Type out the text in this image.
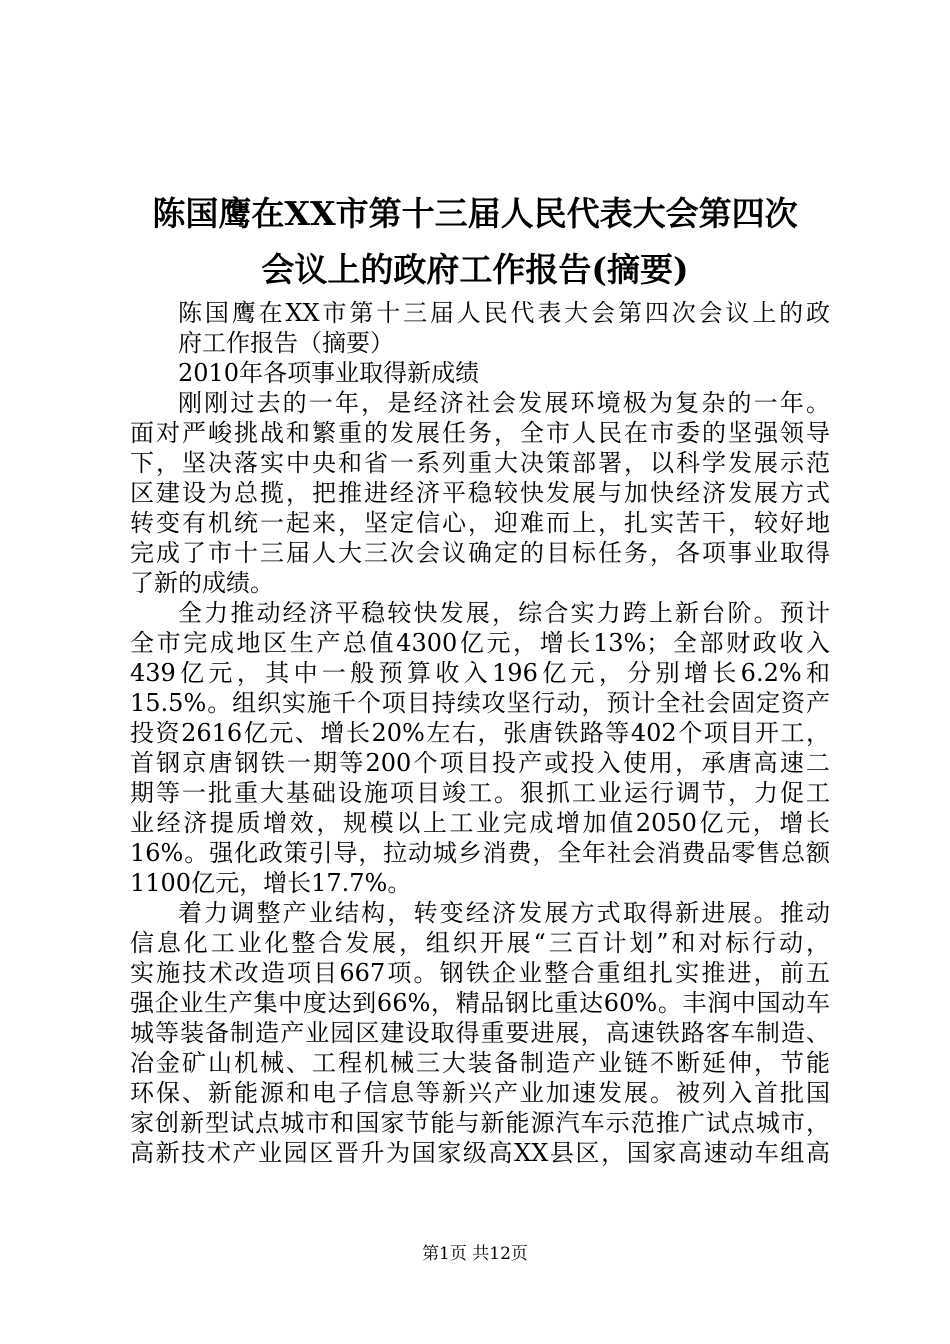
陈国鹰在XX市第十三届人民代表大会第四次
会议上的政府工作报告(摘要)
陈国鹰在XX市第十三届人民代表大会第四次会议上的政
府工作报告（摘要）
2010年各项事业取得新成绩
刚刚过去的一年，是经济社会发展环境极为复杂的一年。
面对严峻挑战和繁重的发展任务，全市人民在市委的坚强领导
下，坚决落实中央和省一系列重大决策部署，以科学发展示范
区建设为总揽，把推进经济平稳较快发展与加快经济发展方式
转变有机统一起来，坚定信心，迎难而上，扎实苦干，较好地
完成了市十三届人大三次会议确定的目标任务，各项事业取得
了新的成绩。
全力推动经济平稳较快发展，综合实力跨上新台阶。预计
全市完成地区生产总值4300亿元，增长13%；全部财政收入
439亿元，其中一般预算收入196亿元，分别增长6.2%和
15.5%。组织实施千个项目持续攻坚行动，预计全社会固定资产
投资2616亿元、增长20%左右，张唐铁路等402个项目开工，
首钢京唐钢铁一期等200个项目投产或投入使用，承唐高速二
期等一批重大基础设施项目竣工。狠抓工业运行调节，力促工
业经济提质增效，规模以上工业完成增加值2050亿元，增长
16%。强化政策引导，拉动城乡消费，全年社会消费品零售总额
1100亿元，增长17.7%。
着力调整产业结构，转变经济发展方式取得新进展。推动
信息化工业化整合发展，组织开展“三百计划”和对标行动，
实施技术改造项目667项。钢铁企业整合重组扎实推进，前五
强企业生产集中度达到66%，精品钢比重达60%。丰润中国动车
城等装备制造产业园区建设取得重要进展，高速铁路客车制造、
冶金矿山机械、工程机械三大装备制造产业链不断延伸，节能
环保、新能源和电子信息等新兴产业加速发展。被列入首批国
家创新型试点城市和国家节能与新能源汽车示范推广试点城市，
高新技术产业园区晋升为国家级高XX县区，国家高速动车组高
第1页 共12页
